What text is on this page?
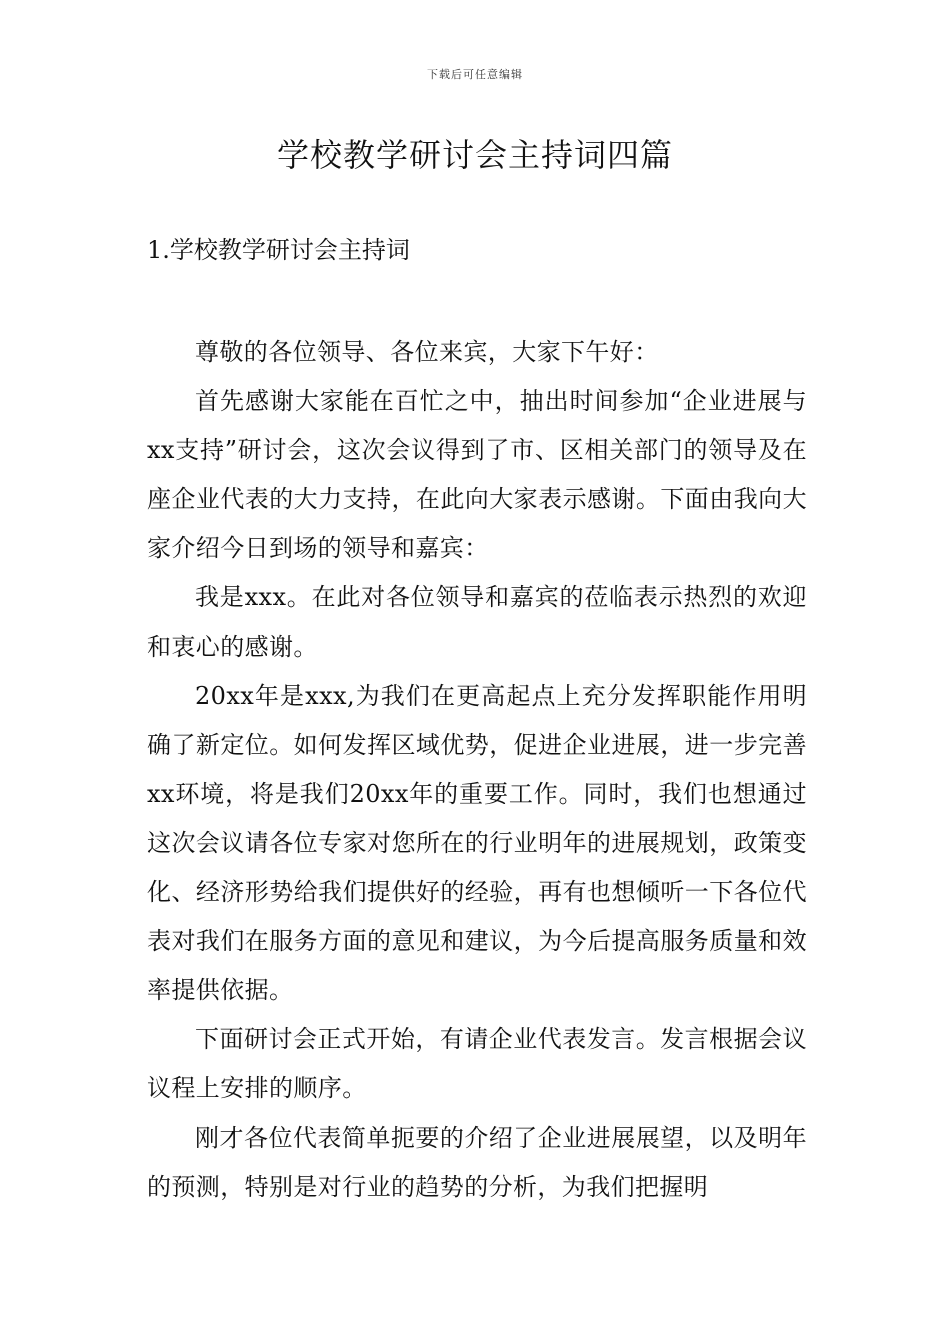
下载后可任意编辑
学校教学研讨会主持词四篇
1.学校教学研讨会主持词

尊敬的各位领导、各位来宾，大家下午好：

首先感谢大家能在百忙之中，抽出时间参加“企业进展与xx支持”研讨会，这次会议得到了市、区相关部门的领导及在座企业代表的大力支持，在此向大家表示感谢。下面由我向大家介绍今日到场的领导和嘉宾：

我是xxx。在此对各位领导和嘉宾的莅临表示热烈的欢迎和衷心的感谢。

20xx年是xxx,为我们在更高起点上充分发挥职能作用明确了新定位。如何发挥区域优势，促进企业进展，进一步完善xx环境，将是我们20xx年的重要工作。同时，我们也想通过这次会议请各位专家对您所在的行业明年的进展规划，政策变化、经济形势给我们提供好的经验，再有也想倾听一下各位代表对我们在服务方面的意见和建议，为今后提高服务质量和效率提供依据。

下面研讨会正式开始，有请企业代表发言。发言根据会议议程上安排的顺序。

刚才各位代表简单扼要的介绍了企业进展展望，以及明年的预测，特别是对行业的趋势的分析，为我们把握明
